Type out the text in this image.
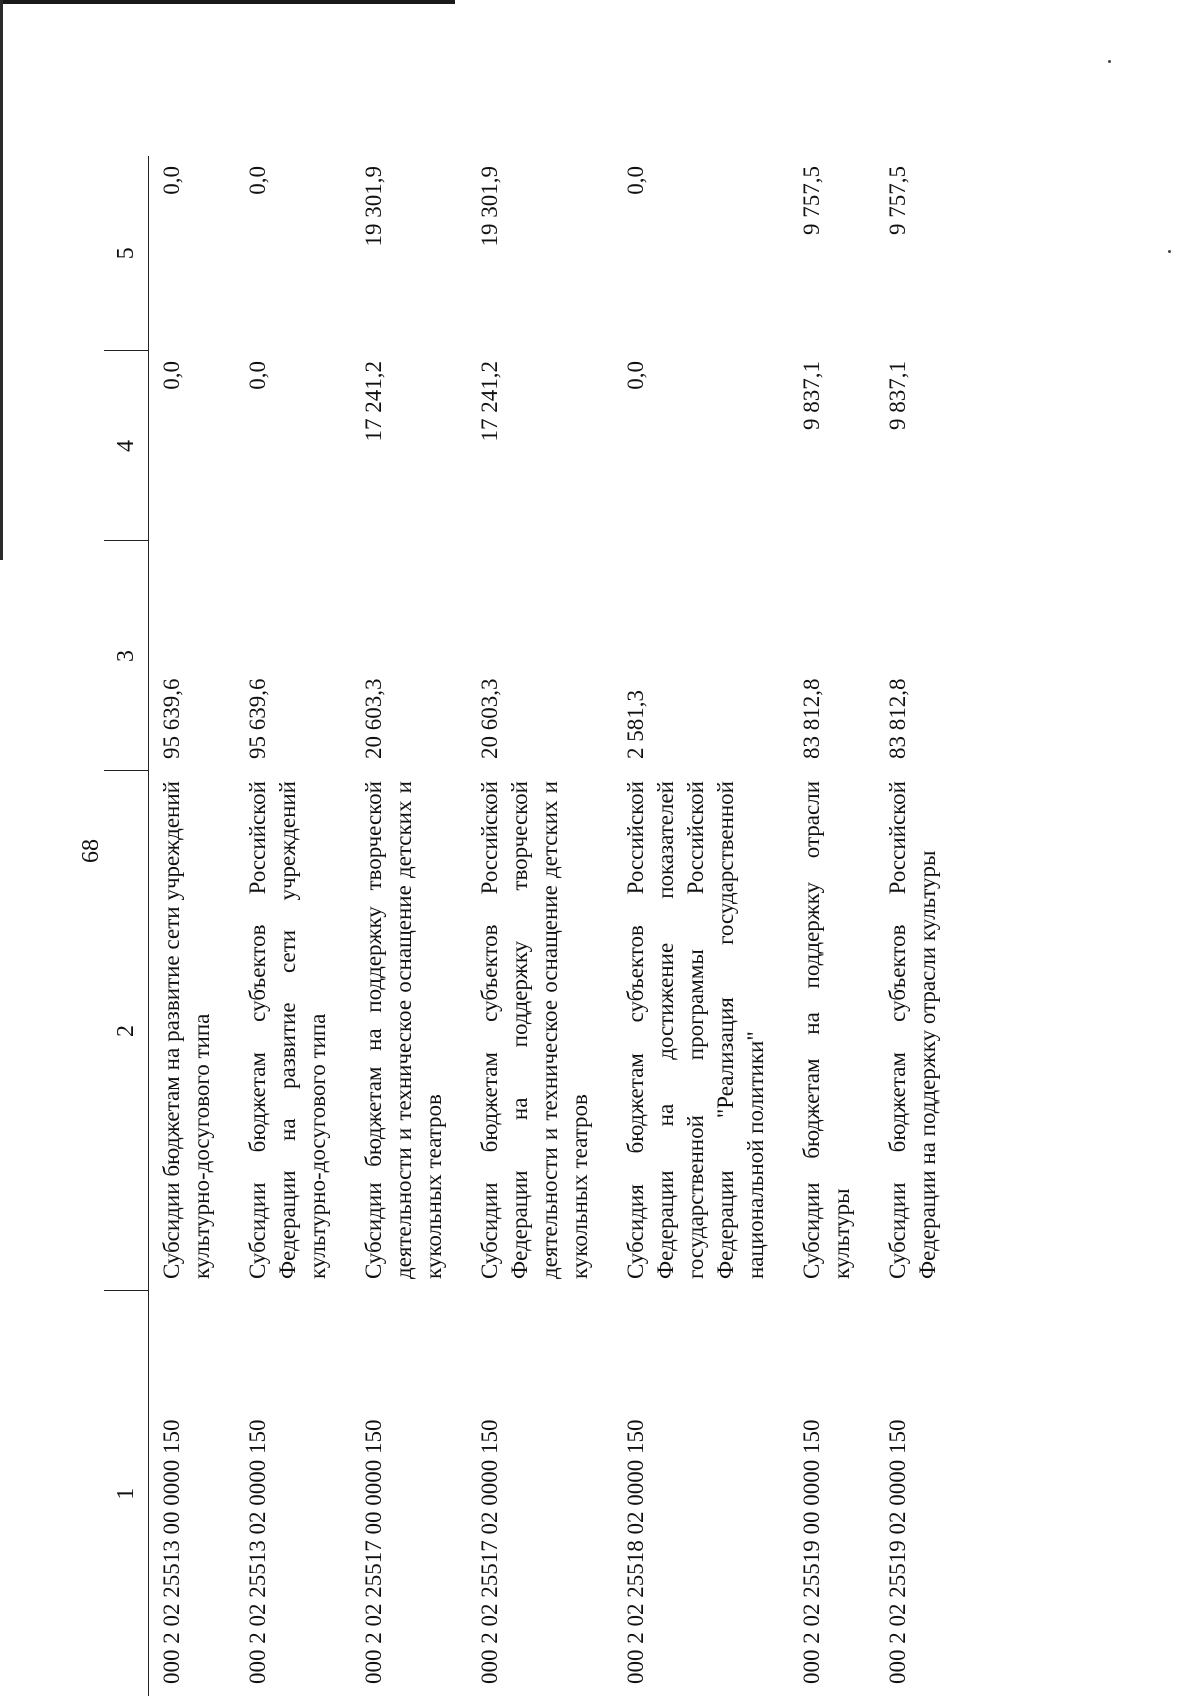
68
1	2	3	4	5
000 2 02 25513 00 0000 150	Субсидии бюджетам на развитие сети учреждений культурно-досугового типа	95 639,6	0,0	0,0
000 2 02 25513 02 0000 150	Субсидии бюджетам субъектов Российской Федерации на развитие сети учреждений культурно-досугового типа	95 639,6	0,0	0,0
000 2 02 25517 00 0000 150	Субсидии бюджетам на поддержку творческой деятельности и техническое оснащение детских и кукольных театров	20 603,3	17 241,2	19 301,9
000 2 02 25517 02 0000 150	Субсидии бюджетам субъектов Российской Федерации на поддержку творческой деятельности и техническое оснащение детских и кукольных театров	20 603,3	17 241,2	19 301,9
000 2 02 25518 02 0000 150	Субсидия бюджетам субъектов Российской Федерации на достижение показателей государственной программы Российской Федерации "Реализация государственной национальной политики"	2 581,3	0,0	0,0
000 2 02 25519 00 0000 150	Субсидии бюджетам на поддержку отрасли культуры	83 812,8	9 837,1	9 757,5
000 2 02 25519 02 0000 150	Субсидии бюджетам субъектов Российской Федерации на поддержку отрасли культуры	83 812,8	9 837,1	9 757,5
